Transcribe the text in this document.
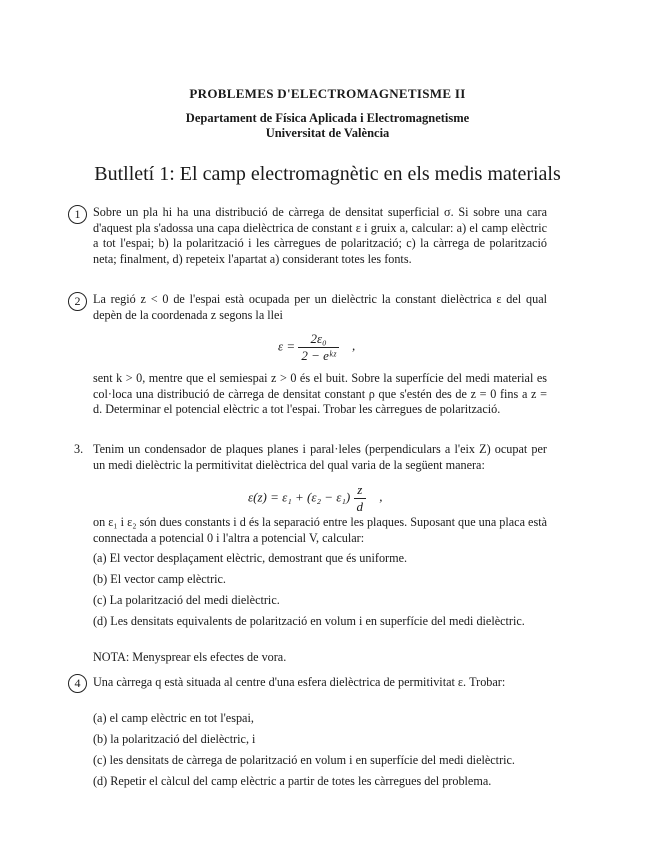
PROBLEMES D'ELECTROMAGNETISME II
Departament de Física Aplicada i Electromagnetisme
Universitat de València
Butlletí 1: El camp electromagnètic en els medis materials
1	Sobre un pla hi ha una distribució de càrrega de densitat superficial σ. Si sobre una cara d'aquest pla s'adossa una capa dielèctrica de constant ε i gruix a, calcular: a) el camp elèctric a tot l'espai; b) la polarització i les càrregues de polarització; c) la càrrega de polarització neta; finalment, d) repeteix l'apartat a) considerant totes les fonts.
2	La regió z < 0 de l'espai està ocupada per un dielèctric la constant dielèctrica ε del qual depèn de la coordenada z segons la llei
$\varepsilon = \frac{\text{2ε₀}}{\text{2 − eᵏᶻ}}$ ,
sent k > 0, mentre que el semiespai z > 0 és el buit. Sobre la superfície del medi material es col·loca una distribució de càrrega de densitat constant ρ que s'estén des de z = 0 fins a z = d. Determinar el potencial elèctric a tot l'espai. Trobar les càrregues de polarització.
3. Tenim un condensador de plaques planes i paral·leles (perpendiculars a l'eix Z) ocupat per un medi dielèctric la permitivitat dielèctrica del qual varia de la següent manera:
$\varepsilon(z) = \varepsilon_1 + (\varepsilon_2 - \varepsilon_1) \frac{z}{d}$ ,
on ε₁ i ε₂ són dues constants i d és la separació entre les plaques. Suposant que una placa està connectada a potencial 0 i l'altra a potencial V, calcular:
(a) El vector desplaçament elèctric, demostrant que és uniforme.
(b) El vector camp elèctric.
(c) La polarització del medi dielèctric.
(d) Les densitats equivalents de polarització en volum i en superfície del medi dielèctric.
NOTA: Menysprear els efectes de vora.
4	Una càrrega q està situada al centre d'una esfera dielèctrica de permitivitat ε. Trobar:
(a) el camp elèctric en tot l'espai,
(b) la polarització del dielèctric, i
(c) les densitats de càrrega de polarització en volum i en superfície del medi dielèctric.
(d) Repetir el càlcul del camp elèctric a partir de totes les càrregues del problema.
